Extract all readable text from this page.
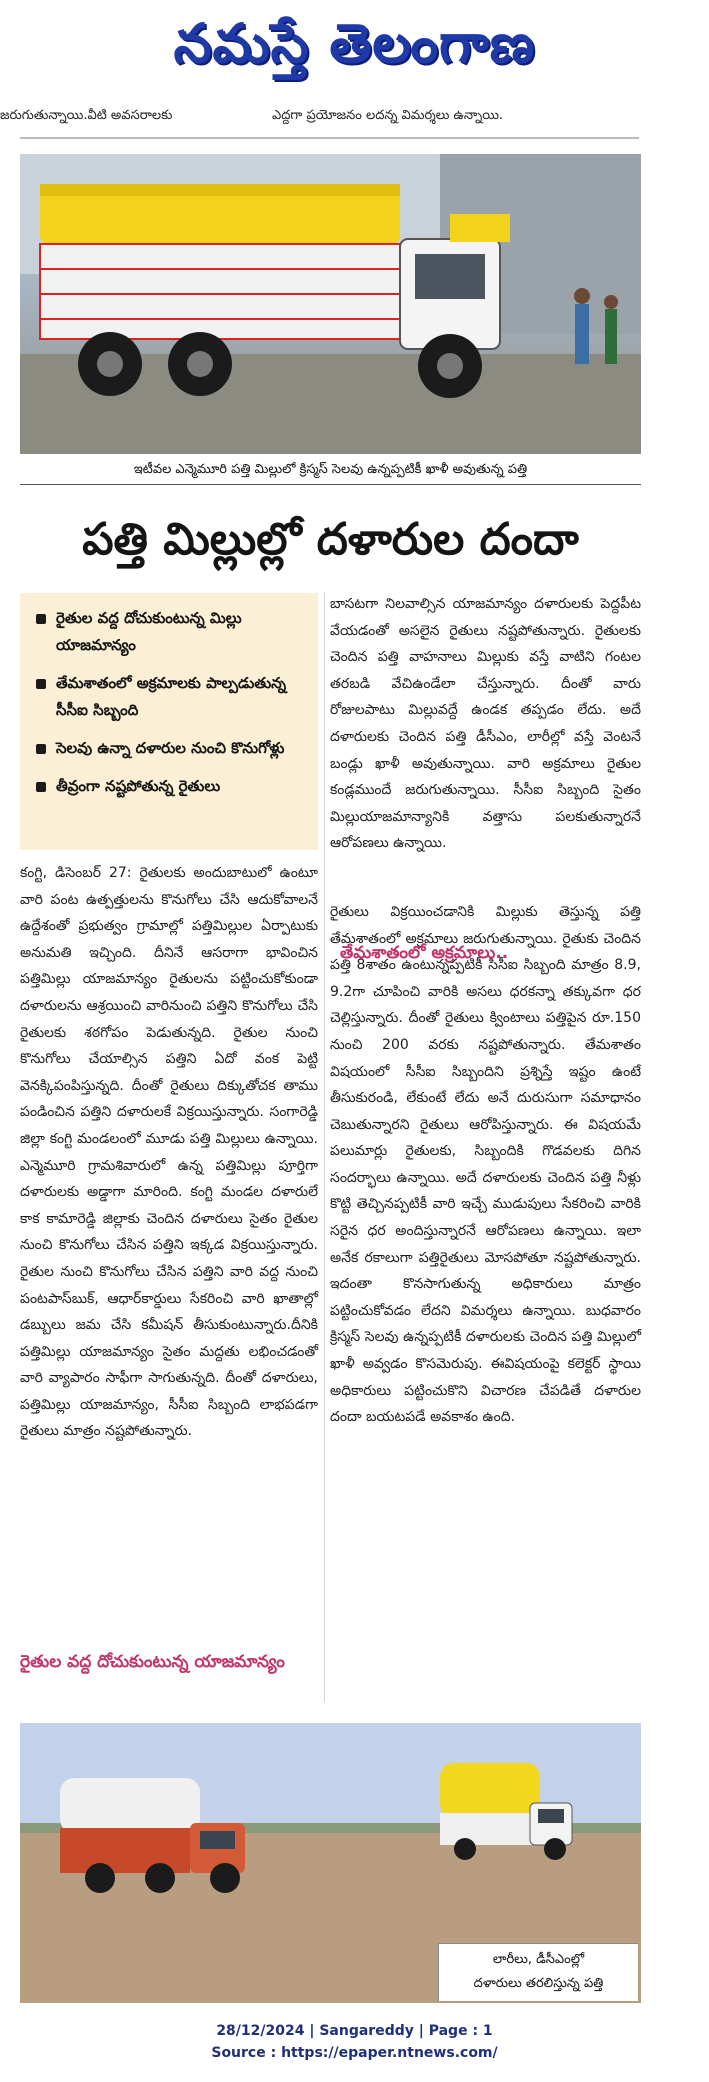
నమస్తే తెలంగాణ
జరుగుతున్నాయి.వీటి అవసరాలకు	ఎద్దగా ప్రయోజనం లదన్న విమర్శలు ఉన్నాయి.
ఇటీవల ఎన్మెమూరి పత్తి మిల్లులో క్రిస్మస్ సెలవు ఉన్నప్పటికీ ఖాళీ అవుతున్న పత్తి
పత్తి మిల్లుల్లో దళారుల దందా
రైతుల వద్ద దోచుకుంటున్న మిల్లు యాజమాన్యం
తేమశాతంలో అక్రమాలకు పాల్పడుతున్న సీసీఐ సిబ్బంది
సెలవు ఉన్నా దళారుల నుంచి కొనుగోళ్లు
తీవ్రంగా నష్టపోతున్న రైతులు

కంగ్టి, డిసెంబర్ 27: రైతులకు అందుబాటులో ఉంటూ వారి పంట ఉత్పత్తులను కొనుగోలు చేసి ఆదుకోవాలనే ఉద్దేశంతో ప్రభుత్వం గ్రామాల్లో పత్తిమిల్లుల ఏర్పాటుకు అనుమతి ఇచ్చింది. దీనినే ఆసరాగా భావించిన పత్తిమిల్లు యాజమాన్యం రైతులను పట్టించుకోకుండా దళారులను ఆశ్రయించి వారినుంచి పత్తిని కొనుగోలు చేసి రైతులకు శఠగోపం పెడుతున్నది. రైతుల నుంచి కొనుగోలు చేయాల్సిన పత్తిని ఏదో వంక పెట్టి వెనక్కిపంపిస్తున్నది. దీంతో రైతులు దిక్కుతోచక తాము పండించిన పత్తిని దళారులకే విక్రయిస్తున్నారు. సంగారెడ్డి జిల్లా కంగ్టి మండలంలో మూడు పత్తి మిల్లులు ఉన్నాయి. ఎన్మెమూరి గ్రామశివారులో ఉన్న పత్తిమిల్లు పూర్తిగా దళారులకు అడ్డాగా మారింది. కంగ్టి మండల దళారులే కాక కామారెడ్డి జిల్లాకు చెందిన దళారులు సైతం రైతుల నుంచి కొనుగోలు చేసిన పత్తిని ఇక్కడ విక్రయిస్తున్నారు. రైతుల నుంచి కొనుగోలు చేసిన పత్తిని వారి వద్ద నుంచి పంటపాస్‌బుక్, ఆధార్‌కార్డులు సేకరించి వారి ఖాతాల్లో డబ్బులు జమ చేసి కమీషన్ తీసుకుంటున్నారు.దీనికి పత్తిమిల్లు యాజమాన్యం సైతం మద్దతు లభించడంతో వారి వ్యాపారం సాఫీగా సాగుతున్నది. దీంతో దళారులు, పత్తిమిల్లు యాజమాన్యం, సీసీఐ సిబ్బంది లాభపడగా రైతులు మాత్రం నష్టపోతున్నారు.

రైతుల వద్ద దోచుకుంటున్న యాజమాన్యం

బాసటగా నిలవాల్సిన యాజమాన్యం దళారులకు పెద్దపీట వేయడంతో అసలైన రైతులు నష్టపోతున్నారు. రైతులకు చెందిన పత్తి వాహనాలు మిల్లుకు వస్తే వాటిని గంటల తరబడి వేచిఉండేలా చేస్తున్నారు. దీంతో వారు రోజులపాటు మిల్లువద్దే ఉండక తప్పడం లేదు. అదే దళారులకు చెందిన పత్తి డీసీఎం, లారీల్లో వస్తే వెంటనే బండ్లు ఖాళీ అవుతున్నాయి. వారి అక్రమాలు రైతుల కండ్లముందే జరుగుతున్నాయి. సీసీఐ సిబ్బంది సైతం మిల్లుయాజమాన్యానికి వత్తాసు పలకుతున్నారనే ఆరోపణలు ఉన్నాయి.

రైతులు విక్రయించడానికి మిల్లుకు తెస్తున్న పత్తి తేమశాతంలో అక్రమాలు జరుగుతున్నాయి. రైతుకు చెందిన పత్తి 8శాతం ఉంటున్నప్పటికీ సీసీఐ సిబ్బంది మాత్రం 8.9, 9.2గా చూపించి వారికి అసలు ధరకన్నా తక్కువగా ధర చెల్లిస్తున్నారు. దీంతో రైతులు క్వింటాలు పత్తిపైన రూ.150 నుంచి 200 వరకు నష్టపోతున్నారు. తేమశాతం విషయంలో సీసీఐ సిబ్బందిని ప్రశ్నిస్తే ఇష్టం ఉంటే తీసుకురండి, లేకుంటే లేదు అనే దురుసుగా సమాధానం చెబుతున్నారని రైతులు ఆరోపిస్తున్నారు. ఈ విషయమే పలుమార్లు రైతులకు, సిబ్బందికి గొడవలకు దిగిన సందర్భాలు ఉన్నాయి. అదే దళారులకు చెందిన పత్తి నీళ్లు కొట్టి తెచ్చినప్పటికీ వారి ఇచ్చే ముడుపులు సేకరించి వారికి సరైన ధర అందిస్తున్నారనే ఆరోపణలు ఉన్నాయి. ఇలా అనేక రకాలుగా పత్తిరైతులు మోసపోతూ నష్టపోతున్నారు. ఇదంతా కొనసాగుతున్న అధికారులు మాత్రం పట్టించుకోవడం లేదని విమర్శలు ఉన్నాయి. బుధవారం క్రిస్మస్ సెలవు ఉన్నప్పటికీ దళారులకు చెందిన పత్తి మిల్లులో ఖాళీ అవ్వడం కొసమెరుపు. ఈవిషయంపై కలెక్టర్ స్థాయి అధికారులు పట్టించుకొని విచారణ చేపడితే దళారుల దందా బయటపడే అవకాశం ఉంది.

తేమశాతంలో అక్రమాలు..
లారీలు, డీసీఎంల్లో
దళారులు తరలిస్తున్న పత్తి
28/12/2024 | Sangareddy | Page : 1
Source : https://epaper.ntnews.com/
